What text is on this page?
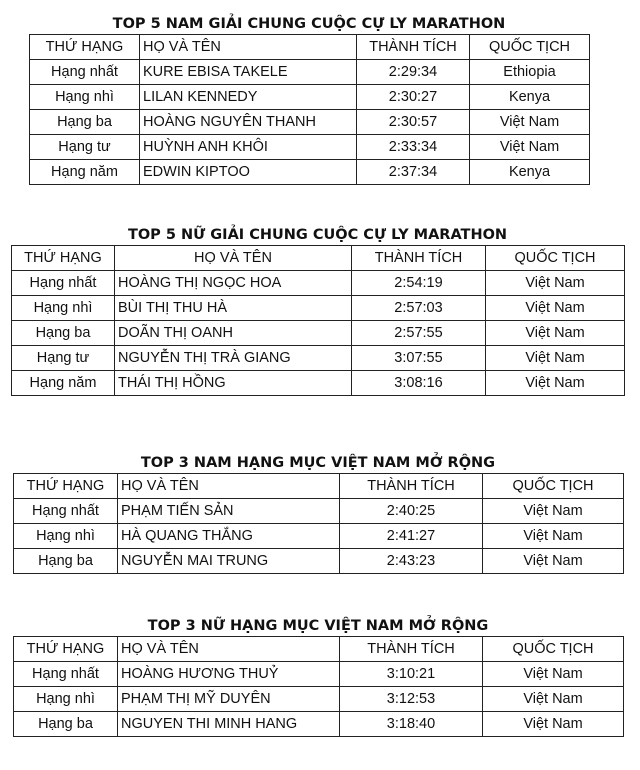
TOP 5 NAM GIẢI CHUNG CUỘC CỰ LY MARATHON
THỨ HẠNG	HỌ VÀ TÊN	THÀNH TÍCH	QUỐC TỊCH
Hạng nhất	KURE EBISA TAKELE	2:29:34	Ethiopia
Hạng nhì	LILAN KENNEDY	2:30:27	Kenya
Hạng ba	HOÀNG NGUYÊN THANH	2:30:57	Việt Nam
Hạng tư	HUỲNH ANH KHÔI	2:33:34	Việt Nam
Hạng năm	EDWIN KIPTOO	2:37:34	Kenya
TOP 5 NỮ GIẢI CHUNG CUỘC CỰ LY MARATHON
THỨ HẠNG	HỌ VÀ TÊN	THÀNH TÍCH	QUỐC TỊCH
Hạng nhất	HOÀNG THỊ NGỌC HOA	2:54:19	Việt Nam
Hạng nhì	BÙI THỊ THU HÀ	2:57:03	Việt Nam
Hạng ba	DOÃN THỊ OANH	2:57:55	Việt Nam
Hạng tư	NGUYỄN THỊ TRÀ GIANG	3:07:55	Việt Nam
Hạng năm	THÁI THỊ HỒNG	3:08:16	Việt Nam
TOP 3 NAM HẠNG MỤC VIỆT NAM MỞ RỘNG
THỨ HẠNG	HỌ VÀ TÊN	THÀNH TÍCH	QUỐC TỊCH
Hạng nhất	PHẠM TIẾN SẢN	2:40:25	Việt Nam
Hạng nhì	HÀ QUANG THẮNG	2:41:27	Việt Nam
Hạng ba	NGUYỄN MAI TRUNG	2:43:23	Việt Nam
TOP 3 NỮ HẠNG MỤC VIỆT NAM MỞ RỘNG
THỨ HẠNG	HỌ VÀ TÊN	THÀNH TÍCH	QUỐC TỊCH
Hạng nhất	HOÀNG HƯƠNG THUỶ	3:10:21	Việt Nam
Hạng nhì	PHẠM THỊ MỸ DUYÊN	3:12:53	Việt Nam
Hạng ba	NGUYEN THI MINH HANG	3:18:40	Việt Nam
